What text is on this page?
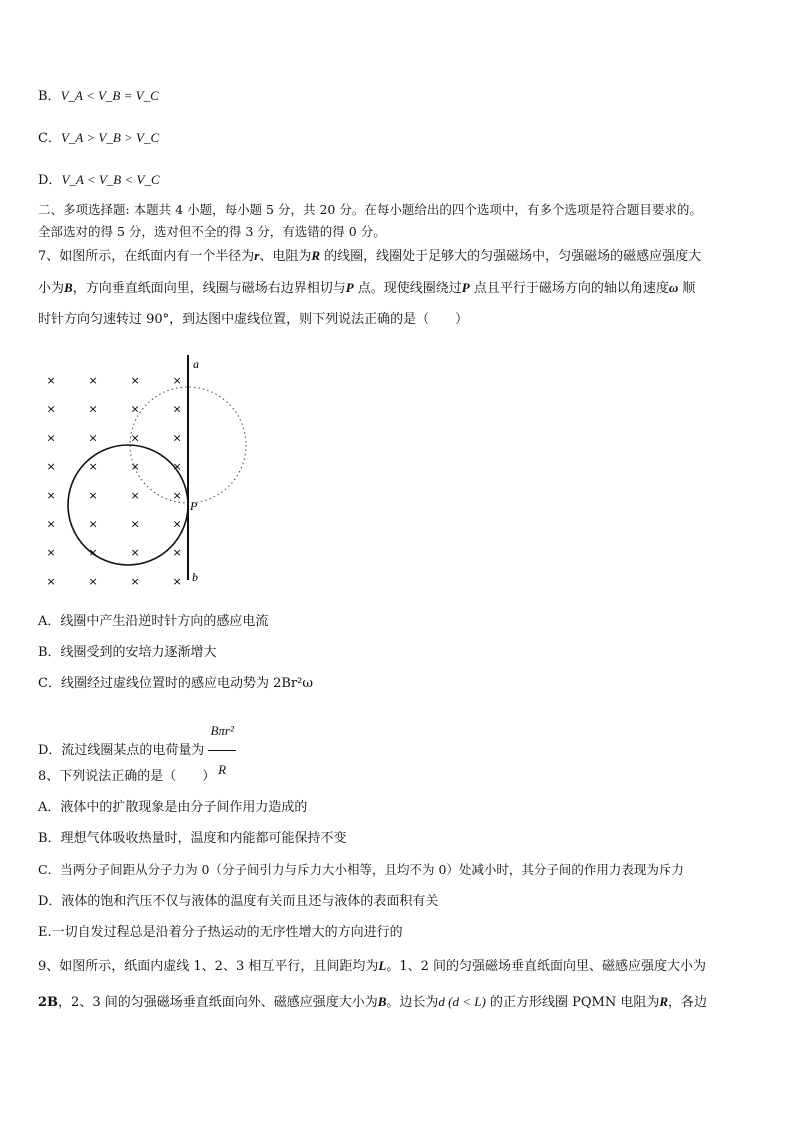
B．V_A < V_B = V_C
C．V_A > V_B > V_C
D．V_A < V_B < V_C
二、多项选择题: 本题共 4 小题，每小题 5 分，共 20 分。在每小题给出的四个选项中，有多个选项是符合题目要求的。
全部选对的得 5 分，选对但不全的得 3 分，有选错的得 0 分。
7、如图所示，在纸面内有一个半径为r、电阻为R 的线圈，线圈处于足够大的匀强磁场中，匀强磁场的磁感应强度大
小为B，方向垂直纸面向里，线圈与磁场右边界相切与P 点。现使线圈绕过P 点且平行于磁场方向的轴以角速度ω 顺
时针方向匀速转过 90°，到达图中虚线位置，则下列说法正确的是（　　）
×	×	×	×
×	×	×	×
×	×	×	×
×	×	×	×
×	×	×	×
×	×	×	×
×	×	×	×
×	×	×	×
a
b
P
A．线圈中产生沿逆时针方向的感应电流
B．线圈受到的安培力逐渐增大
C．线圈经过虚线位置时的感应电动势为 2Br²ω
D．流过线圈某点的电荷量为 $\frac{\text{Bπr²}}{R}$
8、下列说法正确的是（　　）
A．液体中的扩散现象是由分子间作用力造成的
B．理想气体吸收热量时，温度和内能都可能保持不变
C．当两分子间距从分子力为 0（分子间引力与斥力大小相等，且均不为 0）处减小时，其分子间的作用力表现为斥力
D．液体的饱和汽压不仅与液体的温度有关而且还与液体的表面积有关
E.一切自发过程总是沿着分子热运动的无序性增大的方向进行的
9、如图所示，纸面内虚线 1、2、3 相互平行，且间距均为L。1、2 间的匀强磁场垂直纸面向里、磁感应强度大小为
2B，2、3 间的匀强磁场垂直纸面向外、磁感应强度大小为B。边长为d (d < L) 的正方形线圈 PQMN 电阻为R，各边
